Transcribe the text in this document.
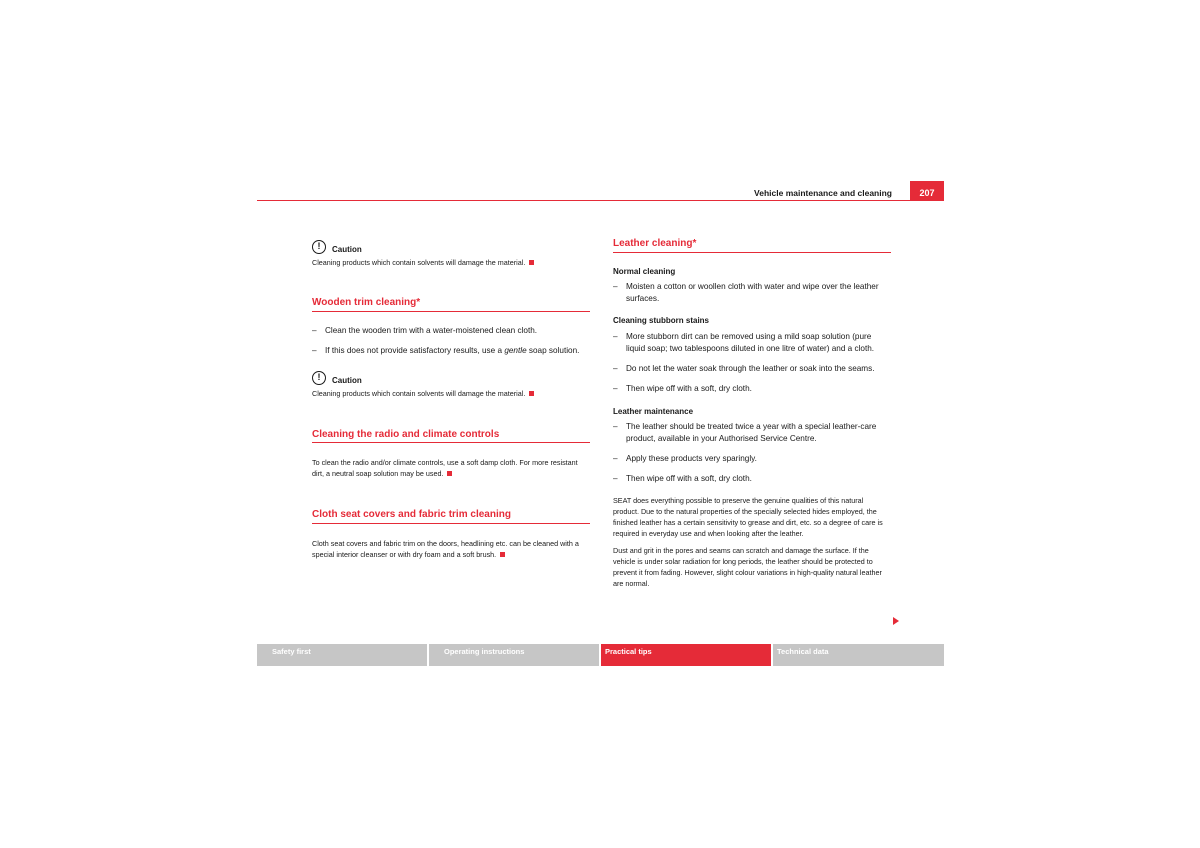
Vehicle maintenance and cleaning	207
!	Caution
Cleaning products which contain solvents will damage the material.
Wooden trim cleaning*
– Clean the wooden trim with a water-moistened clean cloth.
– If this does not provide satisfactory results, use a gentle soap solution.
!	Caution
Cleaning products which contain solvents will damage the material.
Cleaning the radio and climate controls
To clean the radio and/or climate controls, use a soft damp cloth. For more resistant dirt, a neutral soap solution may be used.
Cloth seat covers and fabric trim cleaning
Cloth seat covers and fabric trim on the doors, headlining etc. can be cleaned with a special interior cleanser or with dry foam and a soft brush.
Leather cleaning*
Normal cleaning
– Moisten a cotton or woollen cloth with water and wipe over the leather surfaces.
Cleaning stubborn stains
– More stubborn dirt can be removed using a mild soap solution (pure liquid soap; two tablespoons diluted in one litre of water) and a cloth.
– Do not let the water soak through the leather or soak into the seams.
– Then wipe off with a soft, dry cloth.
Leather maintenance
– The leather should be treated twice a year with a special leather-care product, available in your Authorised Service Centre.
– Apply these products very sparingly.
– Then wipe off with a soft, dry cloth.
SEAT does everything possible to preserve the genuine qualities of this natural product. Due to the natural properties of the specially selected hides employed, the finished leather has a certain sensitivity to grease and dirt, etc. so a degree of care is required in everyday use and when looking after the leather.
Dust and grit in the pores and seams can scratch and damage the surface. If the vehicle is under solar radiation for long periods, the leather should be protected to prevent it from fading. However, slight colour variations in high-quality natural leather are normal.
Safety first	Operating instructions	Practical tips	Technical data
